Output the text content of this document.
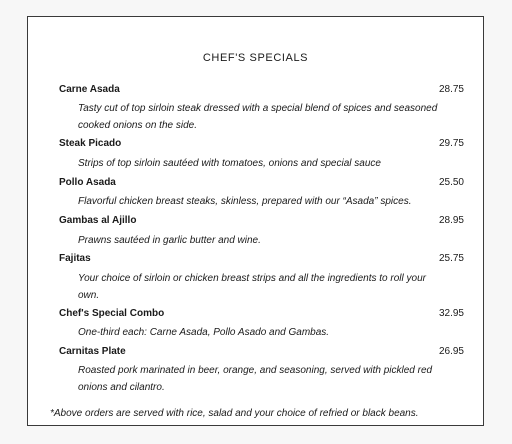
CHEF'S SPECIALS
Carne Asada	28.75
Tasty cut of top sirloin steak dressed with a special blend of spices and seasoned cooked onions on the side.
Steak Picado	29.75
Strips of top sirloin sautéed with tomatoes, onions and special sauce
Pollo Asada	25.50
Flavorful chicken breast steaks, skinless, prepared with our “Asada” spices.
Gambas al Ajillo	28.95
Prawns sautéed in garlic butter and wine.
Fajitas	25.75
Your choice of sirloin or chicken breast strips and all the ingredients to roll your own.
Chef's Special Combo	32.95
One-third each: Carne Asada, Pollo Asado and Gambas.
Carnitas Plate	26.95
Roasted pork marinated in beer, orange, and seasoning, served with pickled red onions and cilantro.
*Above orders are served with rice, salad and your choice of refried or black beans.
